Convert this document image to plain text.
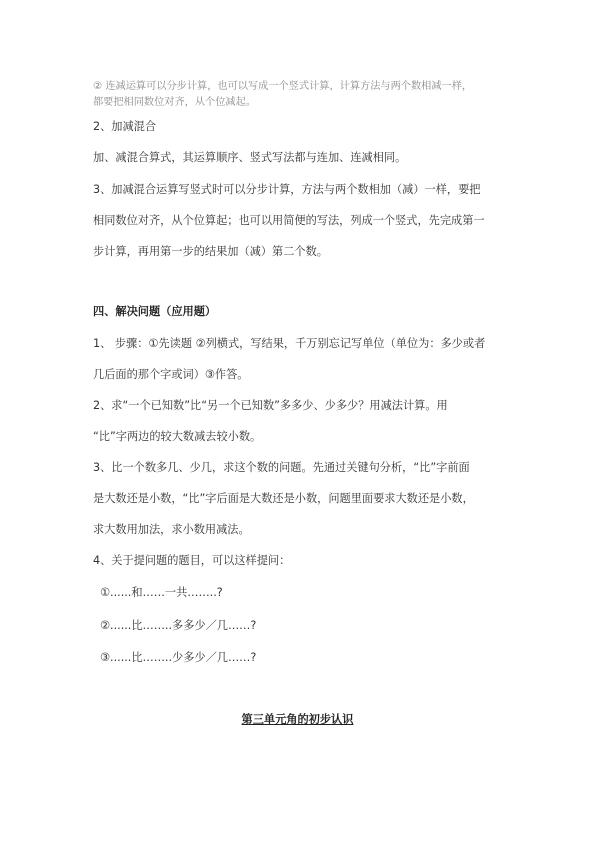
② 连减运算可以分步计算，也可以写成一个竖式计算，计算方法与两个数相减一样，
都要把相同数位对齐，从个位减起。
2、加减混合
加、减混合算式，其运算顺序、竖式写法都与连加、连减相同。
3、加减混合运算写竖式时可以分步计算，方法与两个数相加（减）一样，要把
相同数位对齐，从个位算起；也可以用简便的写法，列成一个竖式，先完成第一
步计算，再用第一步的结果加（减）第二个数。
四、解决问题（应用题）
1、 步骤：①先读题 ②列横式，写结果，千万别忘记写单位（单位为：多少或者
几后面的那个字或词）③作答。
2、求“一个已知数”比“另一个已知数”多多少、少多少？用减法计算。用
“比”字两边的较大数减去较小数。
3、比一个数多几、少几，求这个数的问题。先通过关键句分析，“比”字前面
是大数还是小数，“比”字后面是大数还是小数，问题里面要求大数还是小数，
求大数用加法，求小数用减法。
4、关于提问题的题目，可以这样提问：
①......和……一共……..?
②......比……..多多少／几……?
③......比……..少多少／几……?
第三单元角的初步认识
